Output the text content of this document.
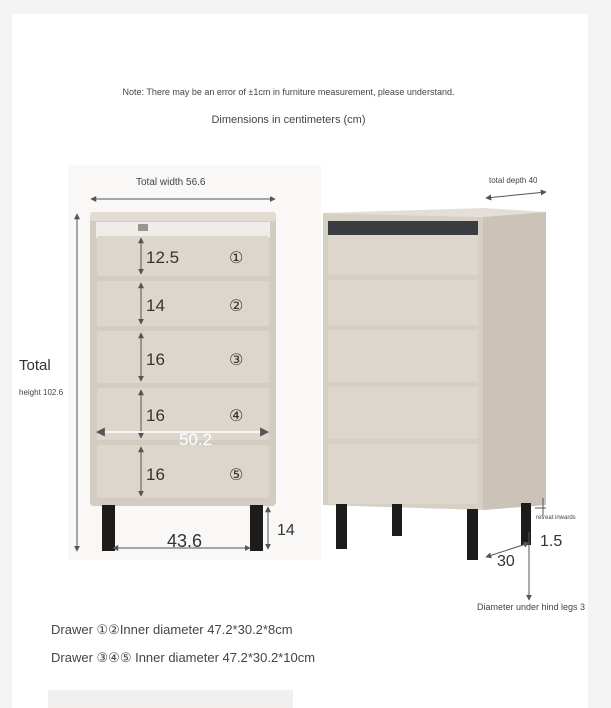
Note: There may be an error of ±1cm in furniture measurement, please understand.
Dimensions in centimeters (cm)
12.5	①
14	②
16	③
16	④
16	⑤
Total width 56.6
Total
height 102.6
50.2
43.6
14
total depth 40
retreat inwards
1.5
30
Diameter under hind legs 3
Drawer ①②Inner diameter 47.2*30.2*8cm
Drawer ③④⑤ Inner diameter 47.2*30.2*10cm
